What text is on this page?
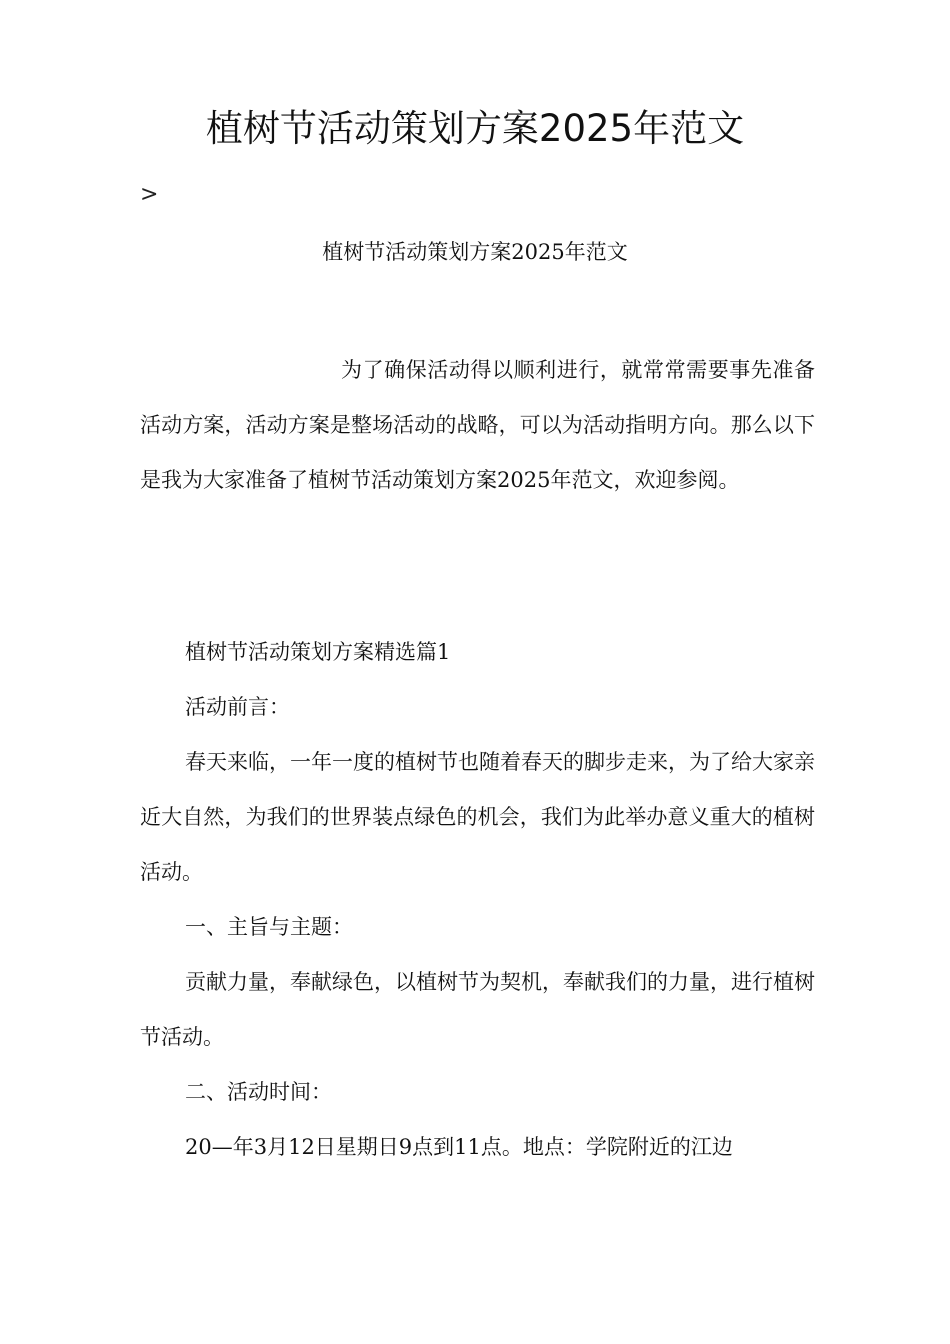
植树节活动策划方案2025年范文
>

植树节活动策划方案2025年范文

为了确保活动得以顺利进行，就常常需要事先准备活动方案，活动方案是整场活动的战略，可以为活动指明方向。那么以下是我为大家准备了植树节活动策划方案2025年范文，欢迎参阅。

植树节活动策划方案精选篇1

活动前言：

春天来临，一年一度的植树节也随着春天的脚步走来，为了给大家亲近大自然，为我们的世界装点绿色的机会，我们为此举办意义重大的植树活动。

一、主旨与主题：

贡献力量，奉献绿色，以植树节为契机，奉献我们的力量，进行植树节活动。

二、活动时间：

20—年3月12日星期日9点到11点。地点：学院附近的江边
